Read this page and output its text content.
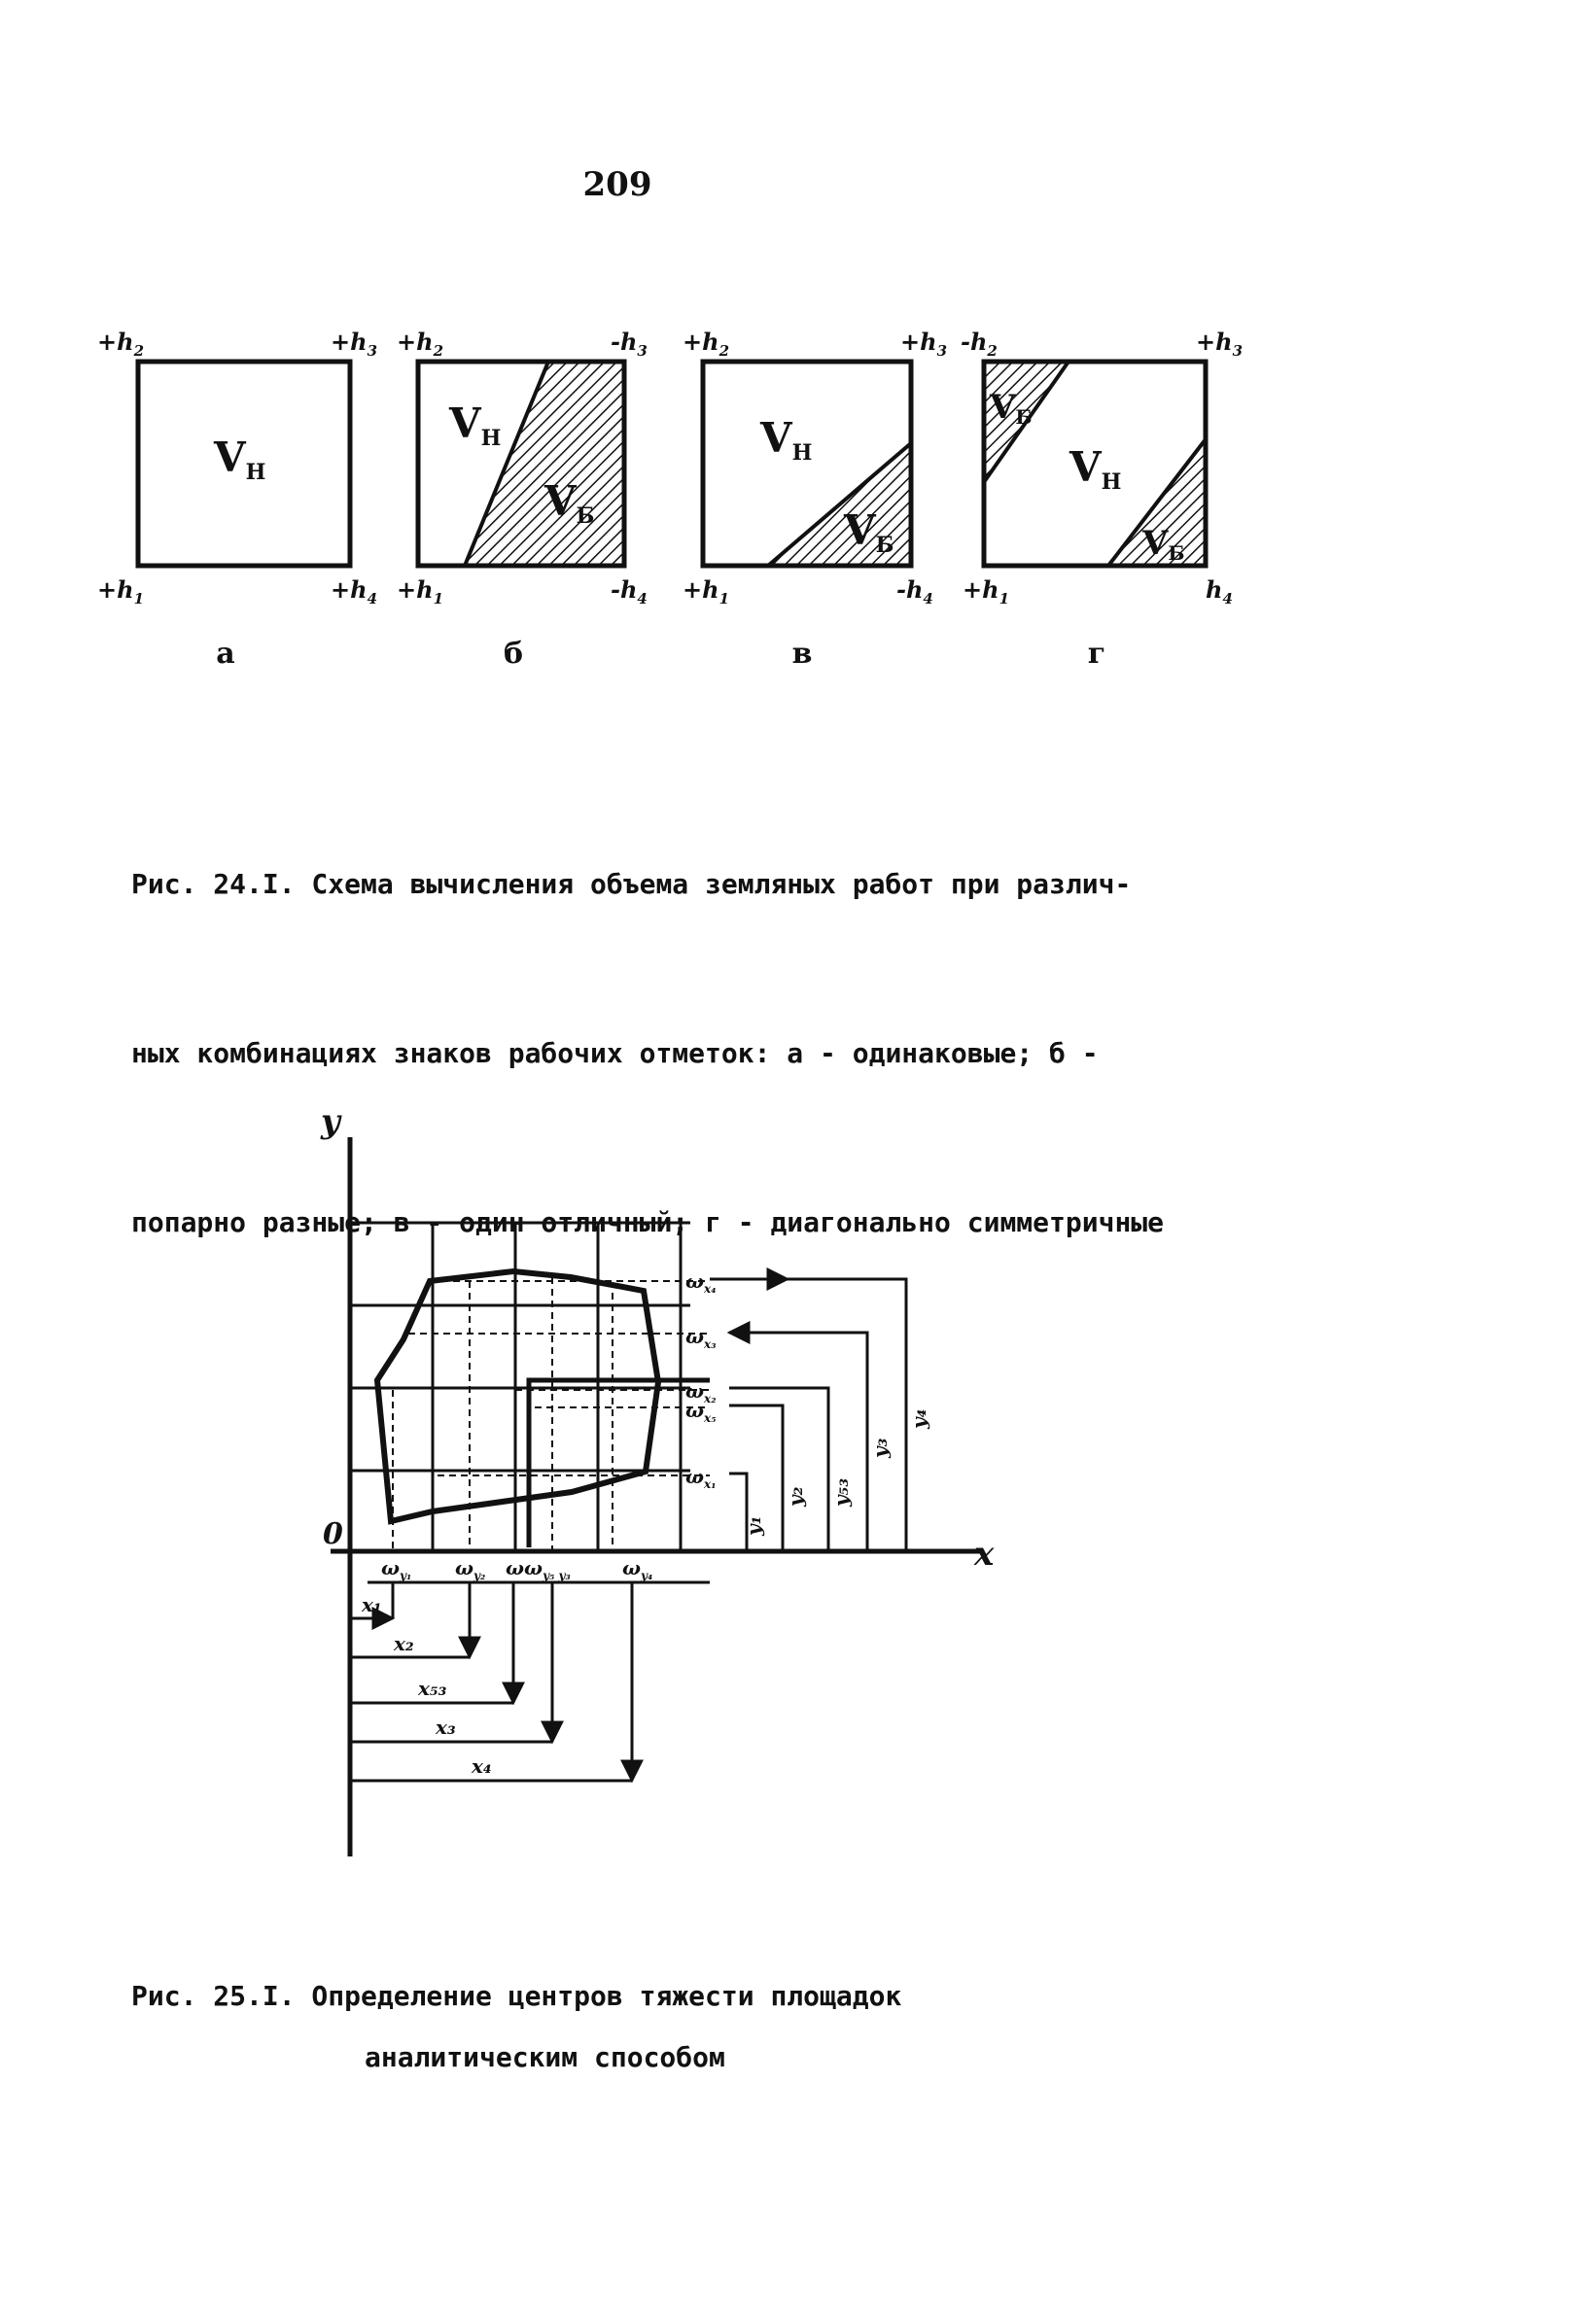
209
VН
VН
VБ
VН
VБ
VН
VБ
VБ
$+h_2$	$+h_3$
$+h_1$	$+h_4$
$+h_2$	$-h_3$
$+h_1$	$-h_4$
$+h_2$	$+h_3$
$+h_1$	$-h_4$
$-h_2$	$+h_3$
$+h_1$	$h_4$
а	б	в	г

Рис. 24.I. Схема вычисления объема земляных работ при различ-

ных комбинациях знаков рабочих отметок: а - одинаковые; б -

попарно разные; в - один отличный; г - диагонально симметричные

y
x
0
$\omega_{x_4}$
$\omega_{x_3}$
$\omega_{x_2}$
$\omega_{x_5}$
$\omega_{x_1}$
$\omega_{y_1}$ $\omega_{y_2}$ $\omega\omega_{y_5 y_3}$	$\omega_{y_4}$
y₁
y₂ y₅₃
y₃
y₄
x₁
x₂
x₅₃
x₃
x₄
Рис. 25.I. Определение центров тяжести площадок
аналитическим способом
